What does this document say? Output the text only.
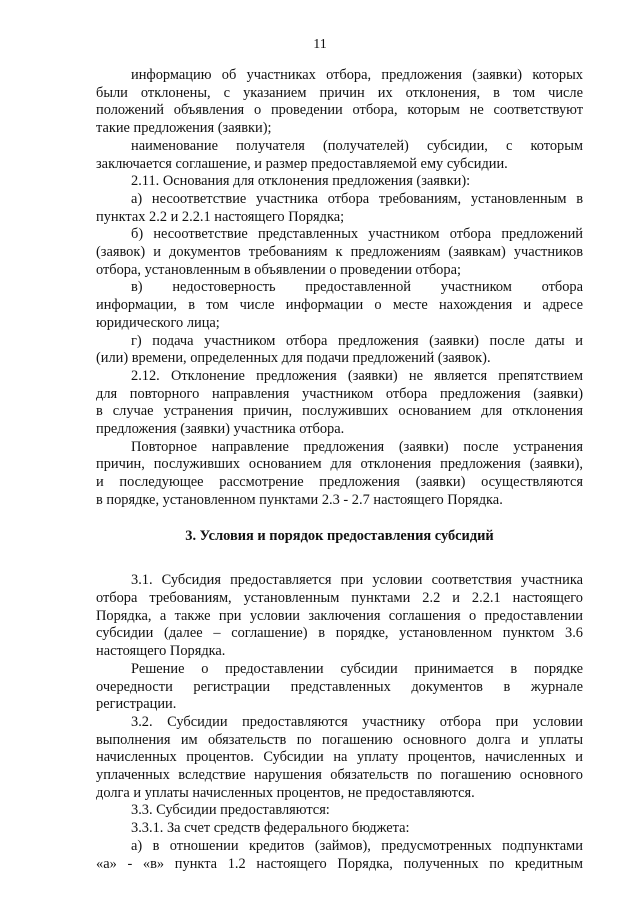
11
информацию об участниках отбора, предложения (заявки) которых
были отклонены, с указанием причин их отклонения, в том числе
положений объявления о проведении отбора, которым не соответствуют
такие предложения (заявки);
наименование получателя (получателей) субсидии, с которым
заключается соглашение, и размер предоставляемой ему субсидии.
2.11. Основания для отклонения предложения (заявки):
а) несоответствие участника отбора требованиям, установленным в
пунктах 2.2 и 2.2.1 настоящего Порядка;
б) несоответствие представленных участником отбора предложений
(заявок) и документов требованиям к предложениям (заявкам) участников
отбора, установленным в объявлении о проведении отбора;
в) недостоверность предоставленной участником отбора
информации, в том числе информации о месте нахождения и адресе
юридического лица;
г) подача участником отбора предложения (заявки) после даты и
(или) времени, определенных для подачи предложений (заявок).
2.12. Отклонение предложения (заявки) не является препятствием
для повторного направления участником отбора предложения (заявки)
в случае устранения причин, послуживших основанием для отклонения
предложения (заявки) участника отбора.
Повторное направление предложения (заявки) после устранения
причин, послуживших основанием для отклонения предложения (заявки),
и последующее рассмотрение предложения (заявки) осуществляются
в порядке, установленном пунктами 2.3 - 2.7 настоящего Порядка.
3. Условия и порядок предоставления субсидий
3.1. Субсидия предоставляется при условии соответствия участника
отбора требованиям, установленным пунктами 2.2 и 2.2.1 настоящего
Порядка, а также при условии заключения соглашения о предоставлении
субсидии (далее – соглашение) в порядке, установленном пунктом 3.6
настоящего Порядка.
Решение о предоставлении субсидии принимается в порядке
очередности регистрации представленных документов в журнале
регистрации.
3.2. Субсидии предоставляются участнику отбора при условии
выполнения им обязательств по погашению основного долга и уплаты
начисленных процентов. Субсидии на уплату процентов, начисленных и
уплаченных вследствие нарушения обязательств по погашению основного
долга и уплаты начисленных процентов, не предоставляются.
3.3. Субсидии предоставляются:
3.3.1. За счет средств федерального бюджета:
а) в отношении кредитов (займов), предусмотренных подпунктами
«а» - «в» пункта 1.2 настоящего Порядка, полученных по кредитным
